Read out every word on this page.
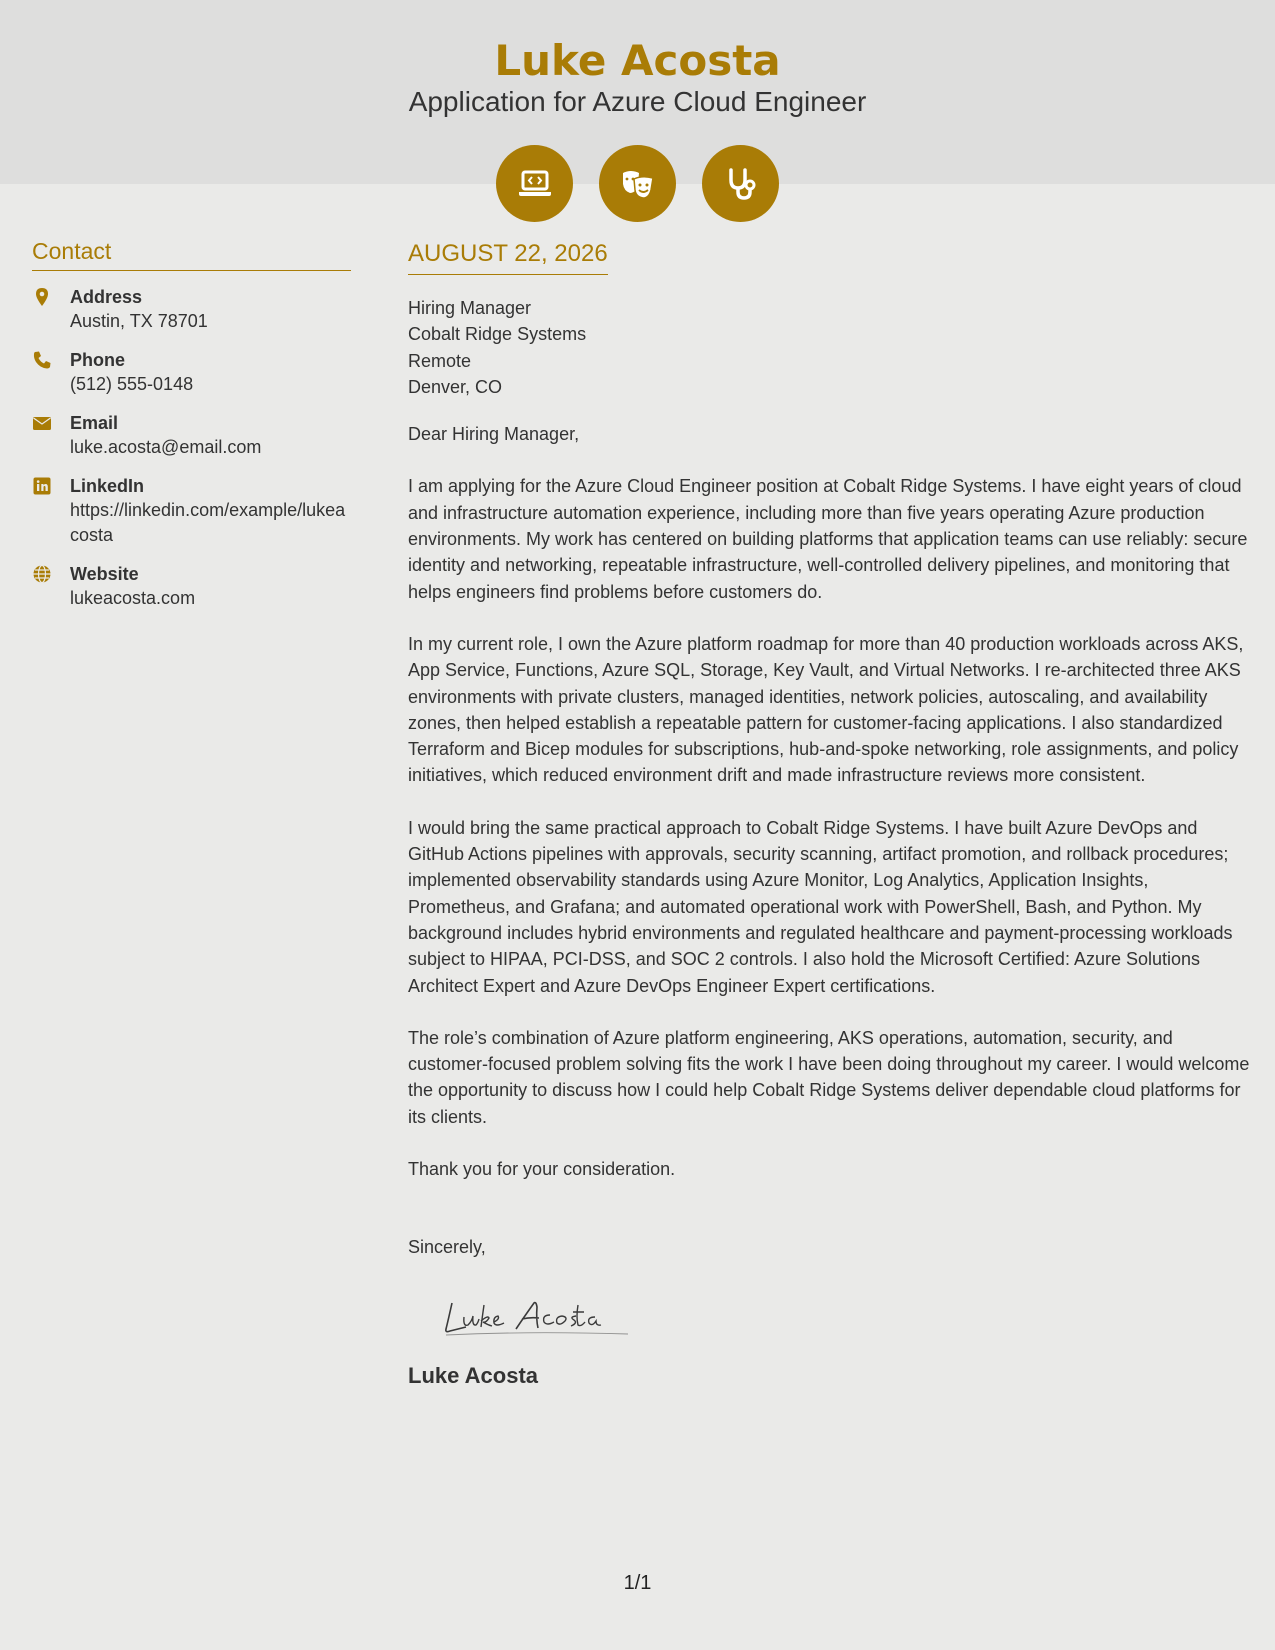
Luke Acosta
Application for Azure Cloud Engineer
Contact
Address
Austin, TX 78701
Phone
(512) 555-0148
Email
luke.acosta@email.com
LinkedIn
https://linkedin.com/example/lukeacosta
Website
lukeacosta.com
AUGUST 22, 2026
Hiring Manager
Cobalt Ridge Systems
Remote
Denver, CO

Dear Hiring Manager,

I am applying for the Azure Cloud Engineer position at Cobalt Ridge Systems. I have eight years of cloud and infrastructure automation experience, including more than five years operating Azure production environments. My work has centered on building platforms that application teams can use reliably: secure identity and networking, repeatable infrastructure, well-controlled delivery pipelines, and monitoring that helps engineers find problems before customers do.

In my current role, I own the Azure platform roadmap for more than 40 production workloads across AKS, App Service, Functions, Azure SQL, Storage, Key Vault, and Virtual Networks. I re-architected three AKS environments with private clusters, managed identities, network policies, autoscaling, and availability zones, then helped establish a repeatable pattern for customer-facing applications. I also standardized Terraform and Bicep modules for subscriptions, hub-and-spoke networking, role assignments, and policy initiatives, which reduced environment drift and made infrastructure reviews more consistent.

I would bring the same practical approach to Cobalt Ridge Systems. I have built Azure DevOps and GitHub Actions pipelines with approvals, security scanning, artifact promotion, and rollback procedures; implemented observability standards using Azure Monitor, Log Analytics, Application Insights, Prometheus, and Grafana; and automated operational work with PowerShell, Bash, and Python. My background includes hybrid environments and regulated healthcare and payment-processing workloads subject to HIPAA, PCI-DSS, and SOC 2 controls. I also hold the Microsoft Certified: Azure Solutions Architect Expert and Azure DevOps Engineer Expert certifications.

The role’s combination of Azure platform engineering, AKS operations, automation, security, and customer-focused problem solving fits the work I have been doing throughout my career. I would welcome the opportunity to discuss how I could help Cobalt Ridge Systems deliver dependable cloud platforms for its clients.

Thank you for your consideration.

Sincerely,

Luke Acosta
1/1
